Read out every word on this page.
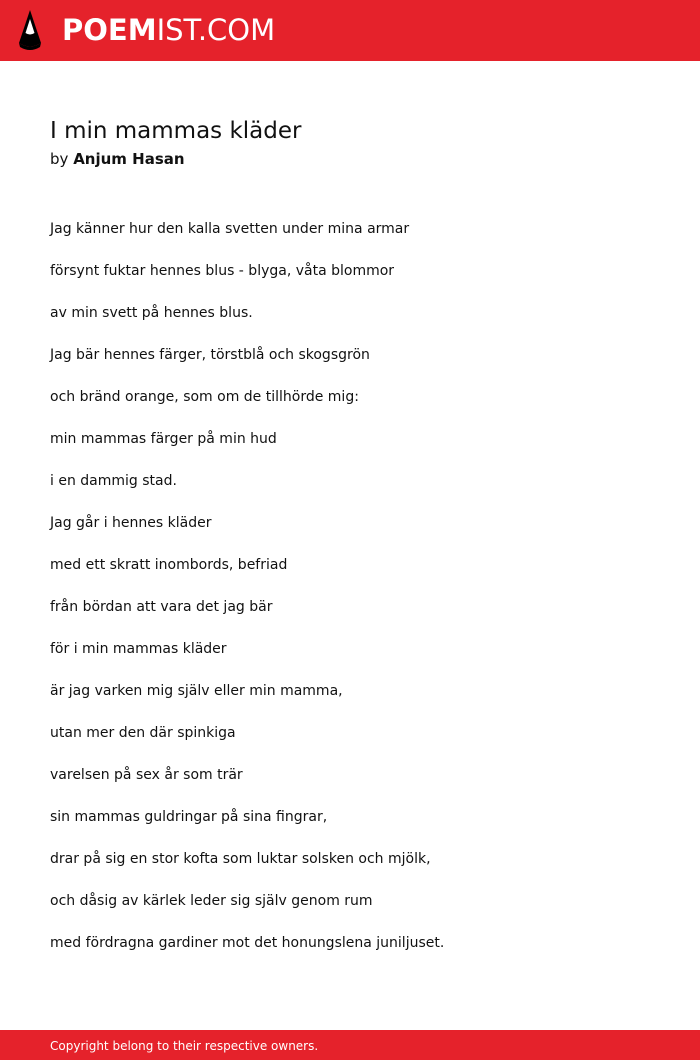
POEMIST.COM
I min mammas kläder
by Anjum Hasan
Jag känner hur den kalla svetten under mina armar
försynt fuktar hennes blus - blyga, våta blommor
av min svett på hennes blus.
Jag bär hennes färger, törstblå och skogsgrön
och bränd orange, som om de tillhörde mig:
min mammas färger på min hud
i en dammig stad.
Jag går i hennes kläder
med ett skratt inombords, befriad
från bördan att vara det jag bär
för i min mammas kläder
är jag varken mig själv eller min mamma,
utan mer den där spinkiga
varelsen på sex år som trär
sin mammas guldringar på sina fingrar,
drar på sig en stor kofta som luktar solsken och mjölk,
och dåsig av kärlek leder sig själv genom rum
med fördragna gardiner mot det honungslena juniljuset.
Copyright belong to their respective owners.
